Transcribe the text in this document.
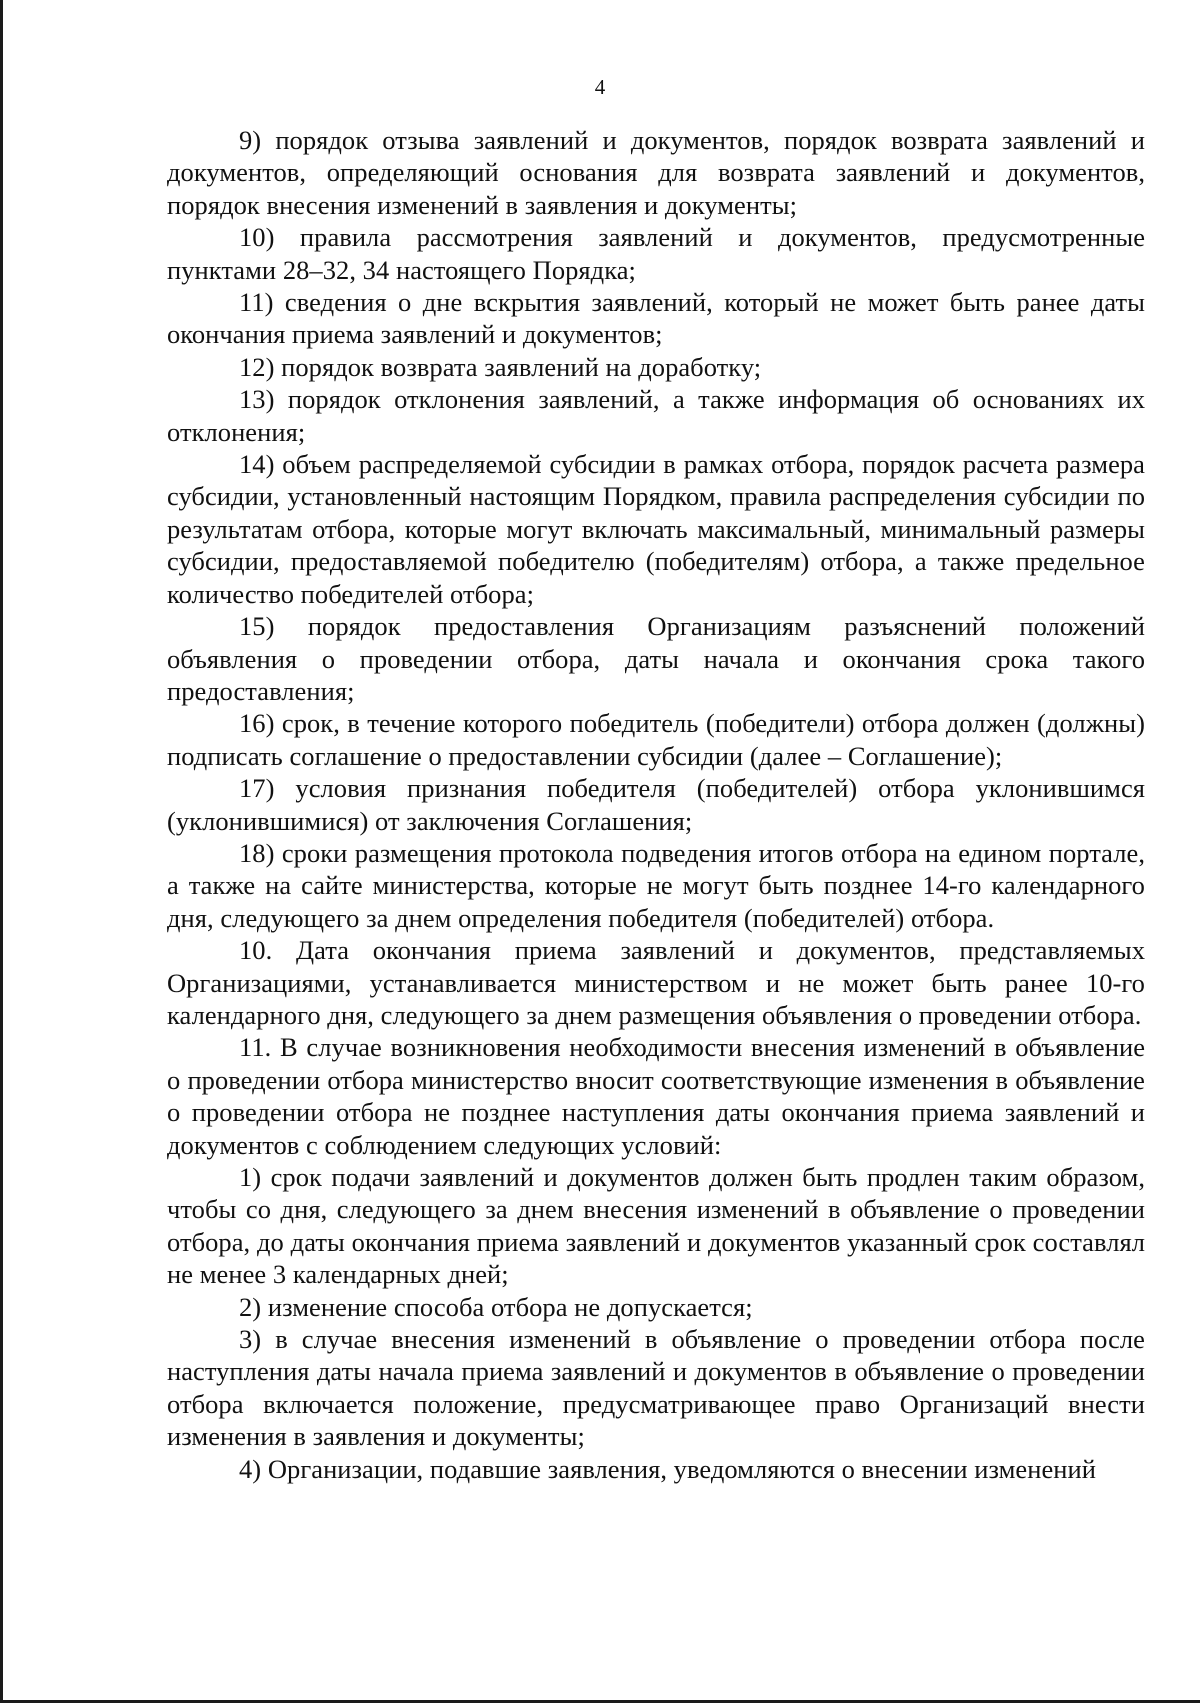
4

9) порядок отзыва заявлений и документов, порядок возврата заявлений и документов, определяющий основания для возврата заявлений и документов, порядок внесения изменений в заявления и документы;

10) правила рассмотрения заявлений и документов, предусмотренные пунктами 28–32, 34 настоящего Порядка;

11) сведения о дне вскрытия заявлений, который не может быть ранее даты окончания приема заявлений и документов;

12) порядок возврата заявлений на доработку;

13) порядок отклонения заявлений, а также информация об основаниях их отклонения;

14) объем распределяемой субсидии в рамках отбора, порядок расчета размера субсидии, установленный настоящим Порядком, правила распределения субсидии по результатам отбора, которые могут включать максимальный, минимальный размеры субсидии, предоставляемой победителю (победителям) отбора, а также предельное количество победителей отбора;

15) порядок предоставления Организациям разъяснений положений объявления о проведении отбора, даты начала и окончания срока такого предоставления;

16) срок, в течение которого победитель (победители) отбора должен (должны) подписать соглашение о предоставлении субсидии (далее – Соглашение);

17) условия признания победителя (победителей) отбора уклонившимся (уклонившимися) от заключения Соглашения;

18) сроки размещения протокола подведения итогов отбора на едином портале, а также на сайте министерства, которые не могут быть позднее 14-го календарного дня, следующего за днем определения победителя (победителей) отбора.

10. Дата окончания приема заявлений и документов, представляемых Организациями, устанавливается министерством и не может быть ранее 10-го календарного дня, следующего за днем размещения объявления о проведении отбора.

11. В случае возникновения необходимости внесения изменений в объявление о проведении отбора министерство вносит соответствующие изменения в объявление о проведении отбора не позднее наступления даты окончания приема заявлений и документов с соблюдением следующих условий:

1) срок подачи заявлений и документов должен быть продлен таким образом, чтобы со дня, следующего за днем внесения изменений в объявление о проведении отбора, до даты окончания приема заявлений и документов указанный срок составлял не менее 3 календарных дней;

2) изменение способа отбора не допускается;

3) в случае внесения изменений в объявление о проведении отбора после наступления даты начала приема заявлений и документов в объявление о проведении отбора включается положение, предусматривающее право Организаций внести изменения в заявления и документы;

4) Организации, подавшие заявления, уведомляются о внесении изменений
